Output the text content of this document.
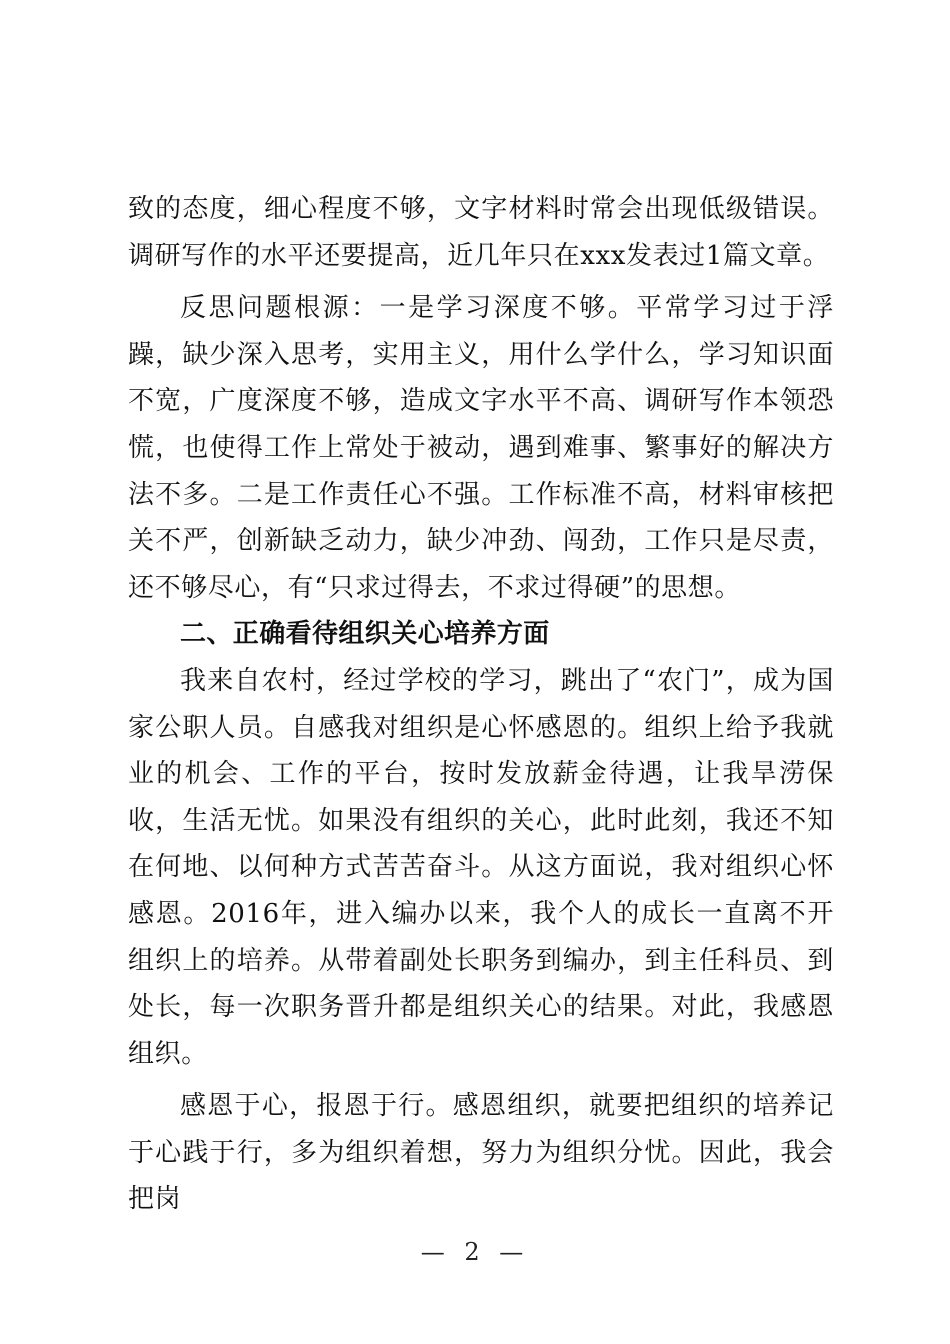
致的态度，细心程度不够，文字材料时常会出现低级错误。调研写作的水平还要提高，近几年只在xxx发表过1篇文章。

反思问题根源：一是学习深度不够。平常学习过于浮躁，缺少深入思考，实用主义，用什么学什么，学习知识面不宽，广度深度不够，造成文字水平不高、调研写作本领恐慌，也使得工作上常处于被动，遇到难事、繁事好的解决方法不多。二是工作责任心不强。工作标准不高，材料审核把关不严，创新缺乏动力，缺少冲劲、闯劲，工作只是尽责，还不够尽心，有“只求过得去，不求过得硬”的思想。

二、正确看待组织关心培养方面

我来自农村，经过学校的学习，跳出了“农门”，成为国家公职人员。自感我对组织是心怀感恩的。组织上给予我就业的机会、工作的平台，按时发放薪金待遇，让我旱涝保收，生活无忧。如果没有组织的关心，此时此刻，我还不知在何地、以何种方式苦苦奋斗。从这方面说，我对组织心怀感恩。2016年，进入编办以来，我个人的成长一直离不开组织上的培养。从带着副处长职务到编办，到主任科员、到处长，每一次职务晋升都是组织关心的结果。对此，我感恩组织。

感恩于心，报恩于行。感恩组织，就要把组织的培养记于心践于行，多为组织着想，努力为组织分忧。因此，我会把岗

— 2 —
